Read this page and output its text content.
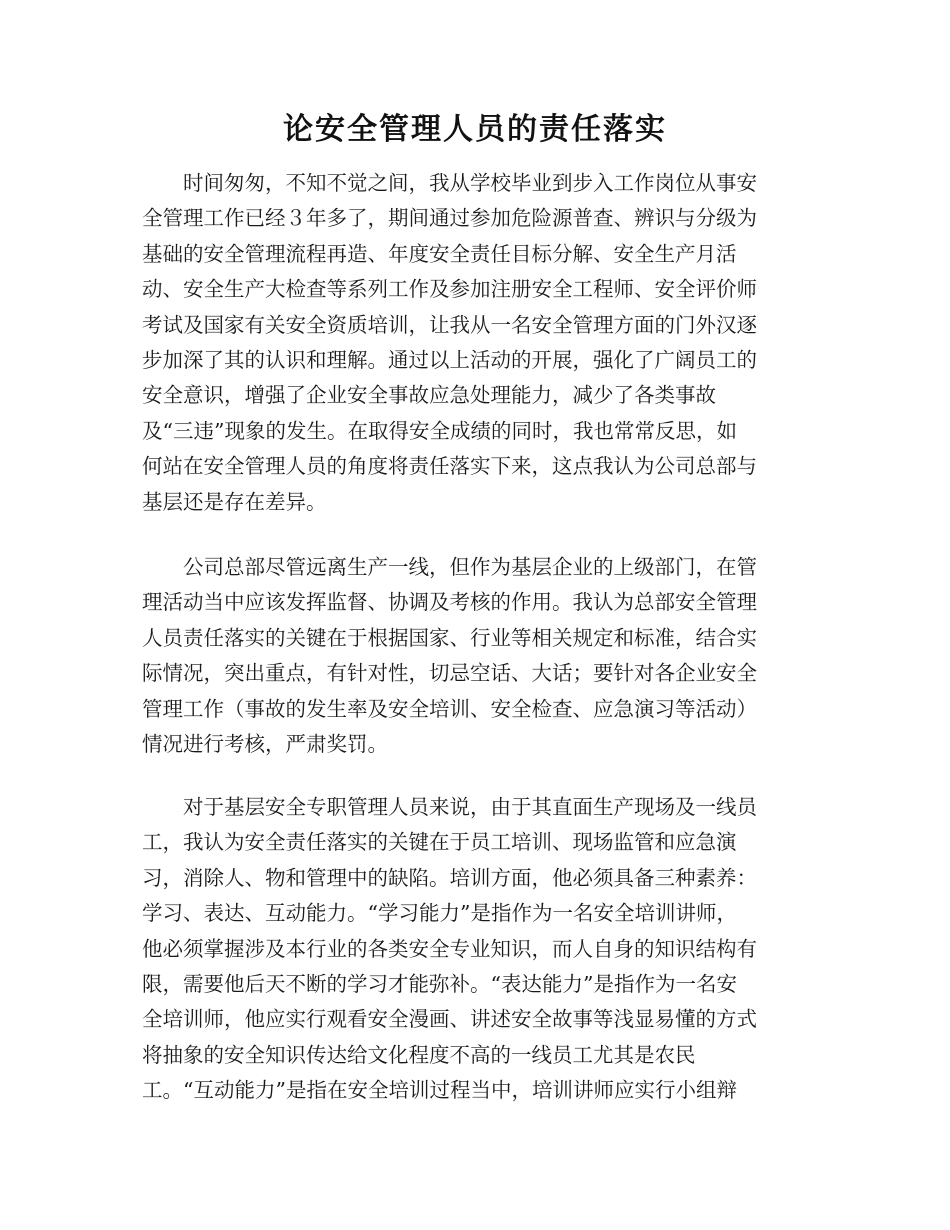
论安全管理人员的责任落实
　　时间匆匆，不知不觉之间，我从学校毕业到步入工作岗位从事安
全管理工作已经３年多了，期间通过参加危险源普查、辨识与分级为
基础的安全管理流程再造、年度安全责任目标分解、安全生产月活
动、安全生产大检查等系列工作及参加注册安全工程师、安全评价师
考试及国家有关安全资质培训，让我从一名安全管理方面的门外汉逐
步加深了其的认识和理解。通过以上活动的开展，强化了广阔员工的
安全意识，增强了企业安全事故应急处理能力，减少了各类事故
及“三违”现象的发生。在取得安全成绩的同时，我也常常反思，如
何站在安全管理人员的角度将责任落实下来，这点我认为公司总部与
基层还是存在差异。
　　公司总部尽管远离生产一线，但作为基层企业的上级部门，在管
理活动当中应该发挥监督、协调及考核的作用。我认为总部安全管理
人员责任落实的关键在于根据国家、行业等相关规定和标准，结合实
际情况，突出重点，有针对性，切忌空话、大话；要针对各企业安全
管理工作（事故的发生率及安全培训、安全检查、应急演习等活动）
情况进行考核，严肃奖罚。
　　对于基层安全专职管理人员来说，由于其直面生产现场及一线员
工，我认为安全责任落实的关键在于员工培训、现场监管和应急演
习，消除人、物和管理中的缺陷。培训方面，他必须具备三种素养：
学习、表达、互动能力。“学习能力”是指作为一名安全培训讲师，
他必须掌握涉及本行业的各类安全专业知识，而人自身的知识结构有
限，需要他后天不断的学习才能弥补。“表达能力”是指作为一名安
全培训师，他应实行观看安全漫画、讲述安全故事等浅显易懂的方式
将抽象的安全知识传达给文化程度不高的一线员工尤其是农民
工。“互动能力”是指在安全培训过程当中，培训讲师应实行小组辩
